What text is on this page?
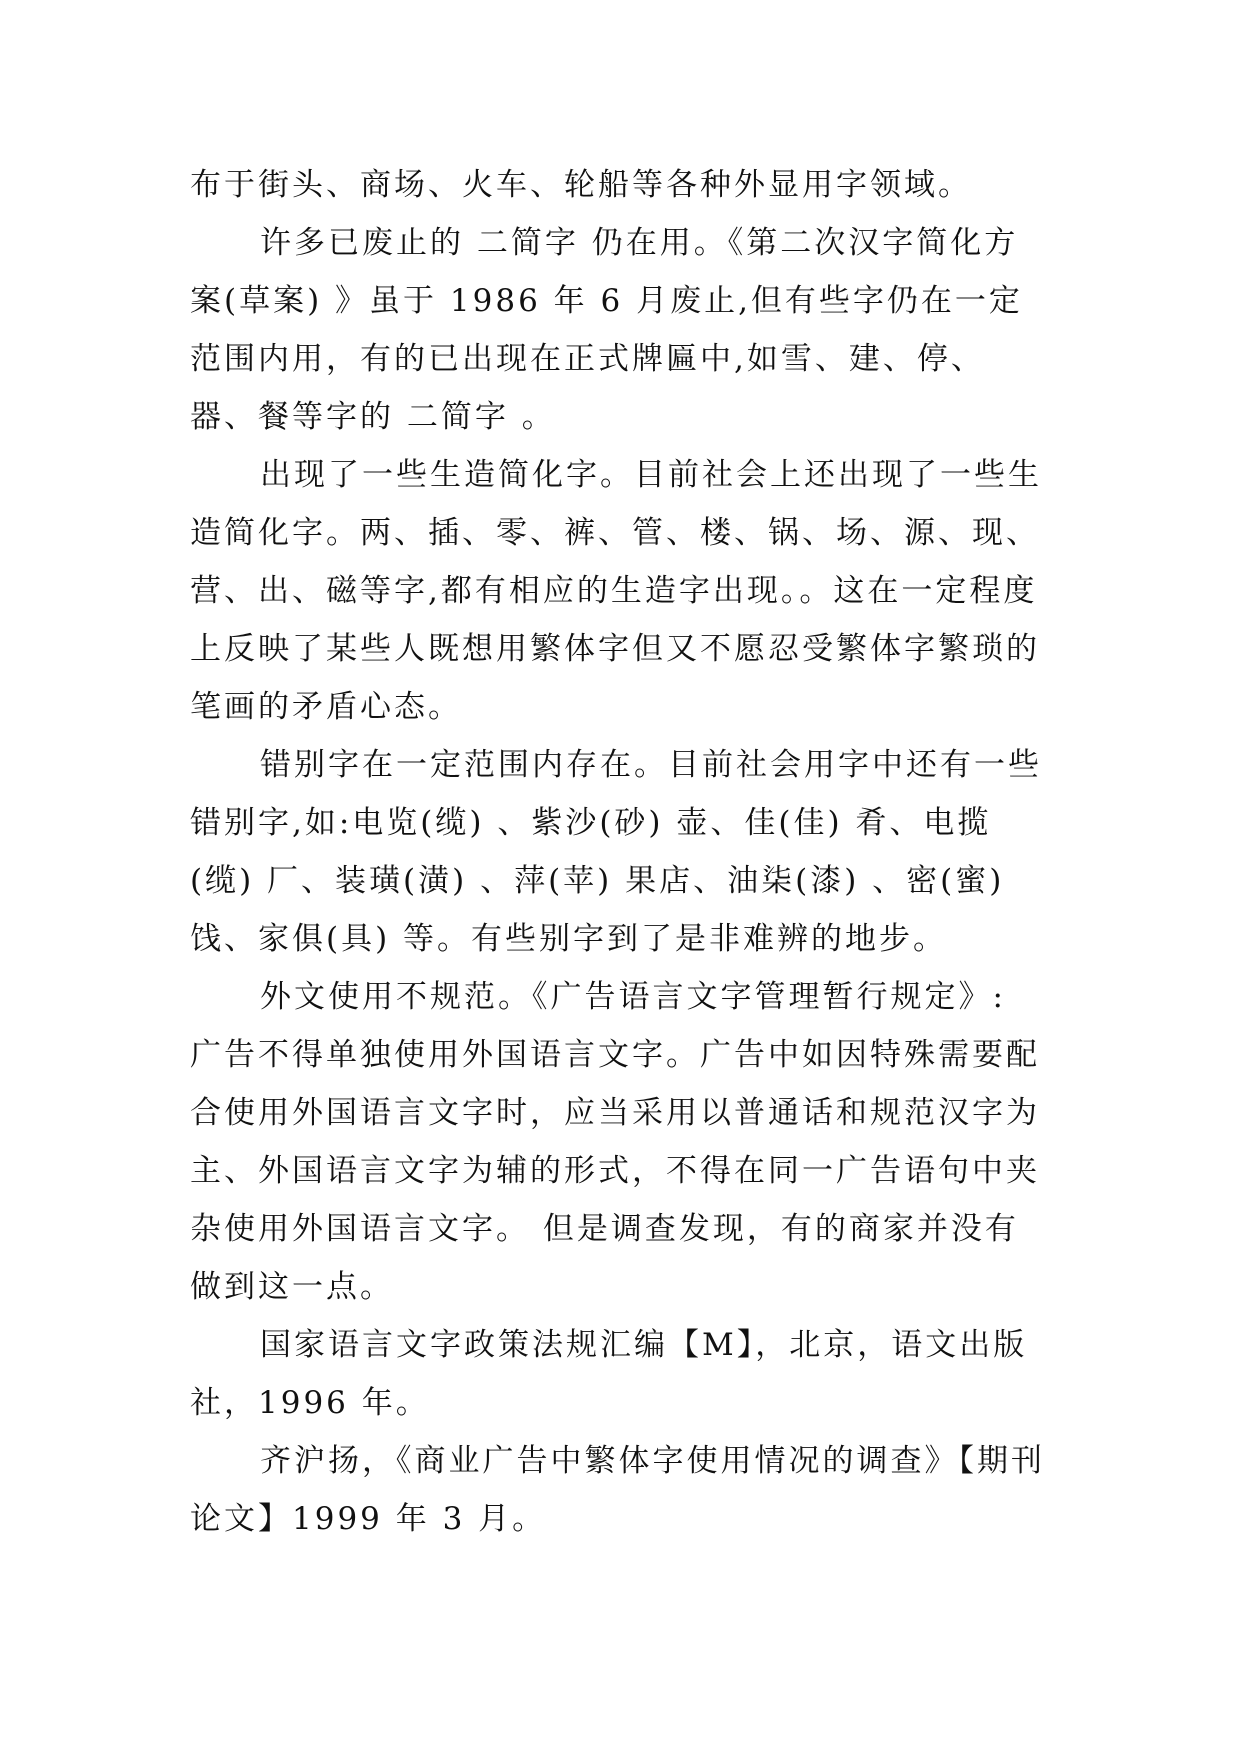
布于街头、商场、火车、轮船等各种外显用字领域。

许多已废止的 二简字 仍在用。《第二次汉字简化方案(草案) 》虽于 1986 年 6 月废止,但有些字仍在一定范围内用，有的已出现在正式牌匾中,如雪、建、停、器、餐等字的 二简字 。

出现了一些生造简化字。目前社会上还出现了一些生造简化字。两、插、零、裤、管、楼、锅、场、源、现、营、出、磁等字,都有相应的生造字出现。。这在一定程度上反映了某些人既想用繁体字但又不愿忍受繁体字繁琐的笔画的矛盾心态。

错别字在一定范围内存在。目前社会用字中还有一些错别字,如:电览(缆) 、紫沙(砂) 壶、佳(佳) 肴、电揽(缆) 厂、装璜(潢) 、萍(苹) 果店、油柒(漆) 、密(蜜) 饯、家俱(具) 等。有些别字到了是非难辨的地步。

外文使用不规范。《广告语言文字管理暂行规定》: 广告不得单独使用外国语言文字。广告中如因特殊需要配合使用外国语言文字时，应当采用以普通话和规范汉字为主、外国语言文字为辅的形式，不得在同一广告语句中夹杂使用外国语言文字。 但是调查发现，有的商家并没有做到这一点。

国家语言文字政策法规汇编【M】，北京，语文出版社，1996 年。

齐沪扬，《商业广告中繁体字使用情况的调查》【期刊论文】1999 年 3 月。
